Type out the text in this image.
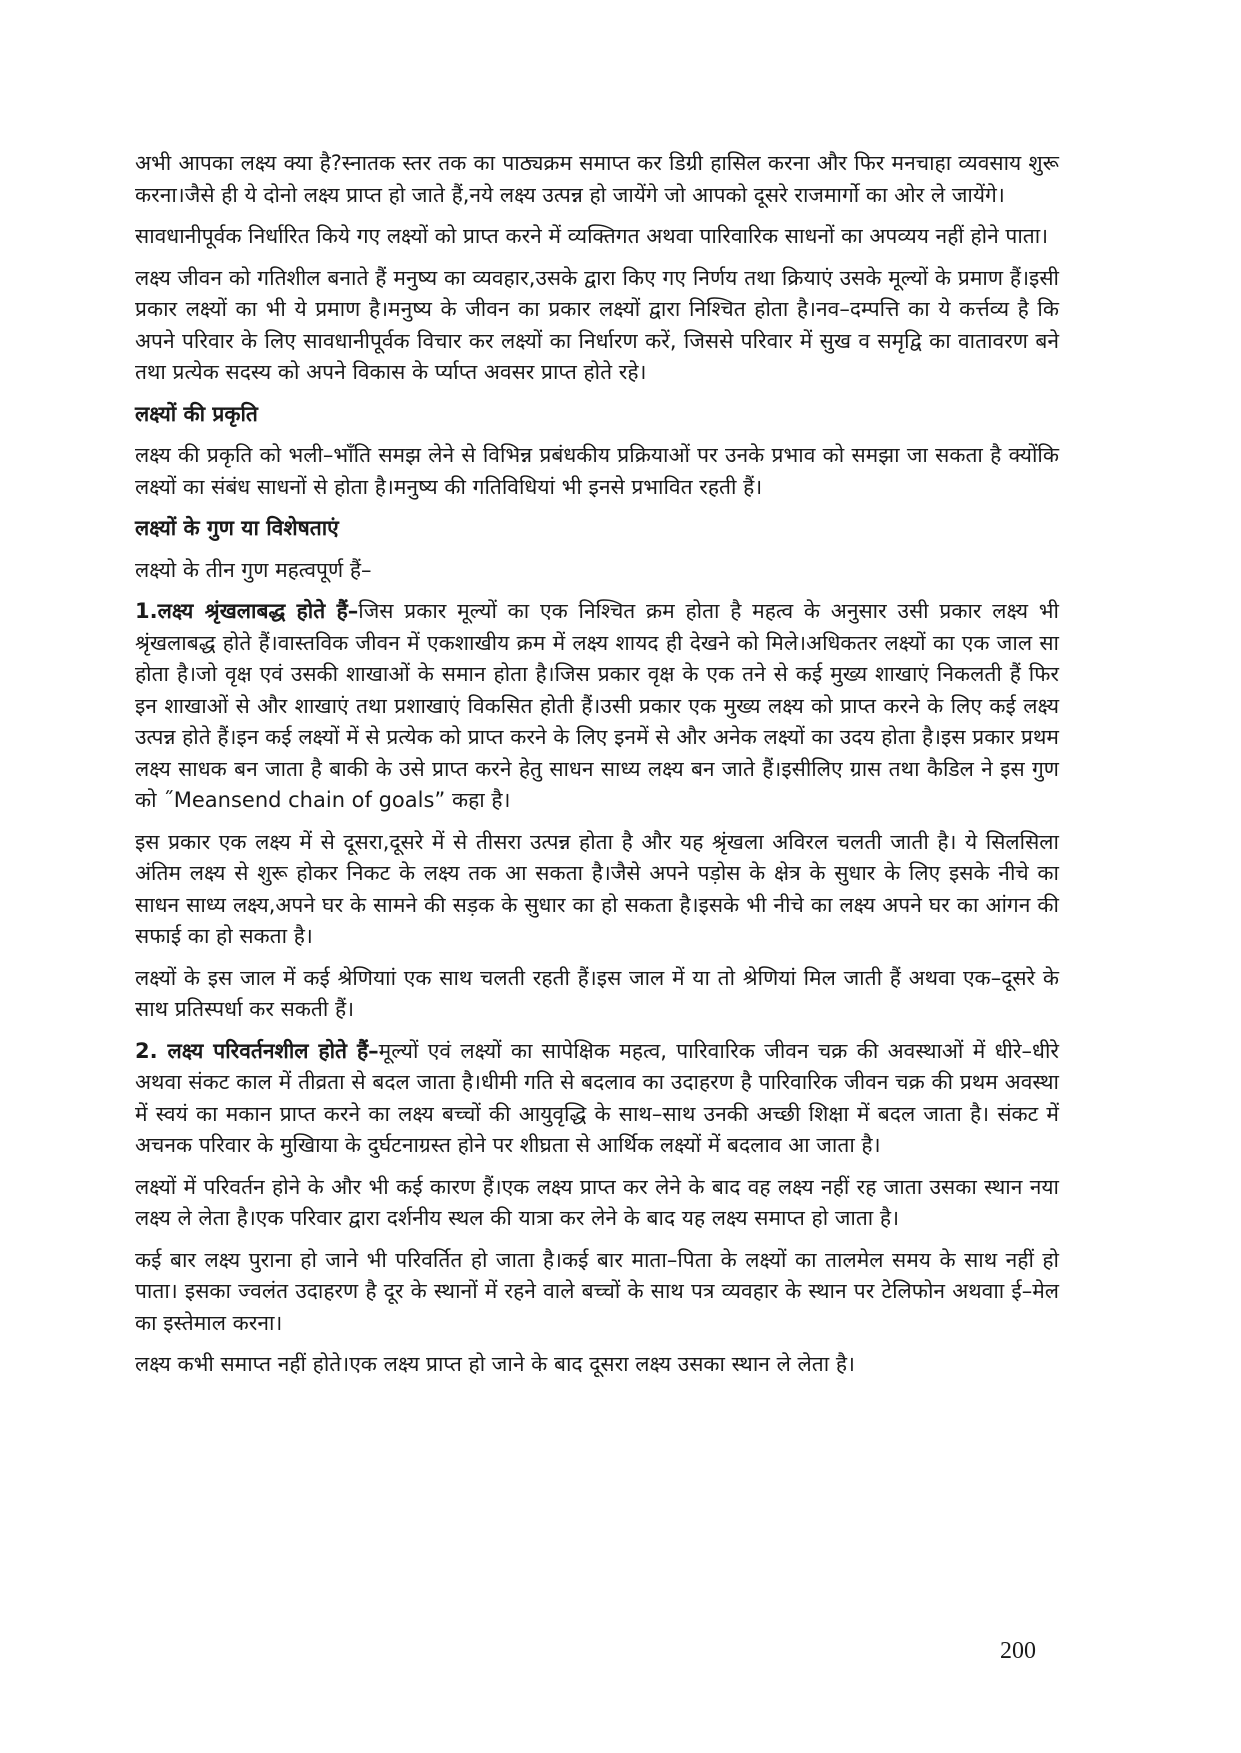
अभी आपका लक्ष्य क्या है?स्नातक स्तर तक का पाठ्यक्रम समाप्त कर डिग्री हासिल करना और फिर मनचाहा व्यवसाय शुरू करना।जैसे ही ये दोनो लक्ष्य प्राप्त हो जाते हैं,नये लक्ष्य उत्पन्न हो जायेंगे जो आपको दूसरे राजमार्गो का ओर ले जायेंगे।

सावधानीपूर्वक निर्धारित किये गए लक्ष्यों को प्राप्त करने में व्यक्तिगत अथवा पारिवारिक साधनों का अपव्यय नहीं होने पाता।

लक्ष्य जीवन को गतिशील बनाते हैं मनुष्य का व्यवहार,उसके द्वारा किए गए निर्णय तथा क्रियाएं उसके मूल्यों के प्रमाण हैं।इसी प्रकार लक्ष्यों का भी ये प्रमाण है।मनुष्य के जीवन का प्रकार लक्ष्यों द्वारा निश्चित होता है।नव–दम्पत्ति का ये कर्त्तव्य है कि अपने परिवार के लिए सावधानीपूर्वक विचार कर लक्ष्यों का निर्धारण करें, जिससे परिवार में सुख व समृद्वि का वातावरण बने तथा प्रत्येक सदस्य को अपने विकास के र्प्याप्त अवसर प्राप्त होते रहे।

लक्ष्यों की प्रकृति

लक्ष्य की प्रकृति को भली–भाँति समझ लेने से विभिन्न प्रबंधकीय प्रक्रियाओं पर उनके प्रभाव को समझा जा सकता है क्योंकि लक्ष्यों का संबंध साधनों से होता है।मनुष्य की गतिविधियां भी इनसे प्रभावित रहती हैं।

लक्ष्यों के गुण या विशेषताएं

लक्ष्यो के तीन गुण महत्वपूर्ण हैं–

1.लक्ष्य श्रृंखलाबद्ध होते हैं–जिस प्रकार मूल्यों का एक निश्चित क्रम होता है महत्व के अनुसार उसी प्रकार लक्ष्य भी श्रृंखलाबद्ध होते हैं।वास्तविक जीवन में एकशाखीय क्रम में लक्ष्य शायद ही देखने को मिले।अधिकतर लक्ष्यों का एक जाल सा होता है।जो वृक्ष एवं उसकी शाखाओं के समान होता है।जिस प्रकार वृक्ष के एक तने से कई मुख्य शाखाएं निकलती हैं फिर इन शाखाओं से और शाखाएं तथा प्रशाखाएं विकसित होती हैं।उसी प्रकार एक मुख्य लक्ष्य को प्राप्त करने के लिए कई लक्ष्य उत्पन्न होते हैं।इन कई लक्ष्यों में से प्रत्येक को प्राप्त करने के लिए इनमें से और अनेक लक्ष्यों का उदय होता है।इस प्रकार प्रथम लक्ष्य साधक बन जाता है बाकी के उसे प्राप्त करने हेतु साधन साध्य लक्ष्य बन जाते हैं।इसीलिए ग्रास तथा कैडिल ने इस गुण को ˝Meansend chain of goals” कहा है।

इस प्रकार एक लक्ष्य में से दूसरा,दूसरे में से तीसरा उत्पन्न होता है और यह श्रृंखला अविरल चलती जाती है। ये सिलसिला अंतिम लक्ष्य से शुरू होकर निकट के लक्ष्य तक आ सकता है।जैसे अपने पड़ोस के क्षेत्र के सुधार के लिए इसके नीचे का साधन साध्य लक्ष्य,अपने घर के सामने की सड़क के सुधार का हो सकता है।इसके भी नीचे का लक्ष्य अपने घर का आंगन की सफाई का हो सकता है।

लक्ष्यों के इस जाल में कई श्रेणियाां एक साथ चलती रहती हैं।इस जाल में या तो श्रेणियां मिल जाती हैं अथवा एक–दूसरे के साथ प्रतिस्पर्धा कर सकती हैं।

2. लक्ष्य परिवर्तनशील होते हैं–मूल्यों एवं लक्ष्यों का सापेक्षिक महत्व, पारिवारिक जीवन चक्र की अवस्थाओं में धीरे–धीरे अथवा संकट काल में तीव्रता से बदल जाता है।धीमी गति से बदलाव का उदाहरण है पारिवारिक जीवन चक्र की प्रथम अवस्था में स्वयं का मकान प्राप्त करने का लक्ष्य बच्चों की आयुवृद्धि के साथ–साथ उनकी अच्छी शिक्षा में बदल जाता है। संकट में अचनक परिवार के मुखिाया के दुर्घटनाग्रस्त होने पर शीघ्रता से आर्थिक लक्ष्यों में बदलाव आ जाता है।

लक्ष्यों में परिवर्तन होने के और भी कई कारण हैं।एक लक्ष्य प्राप्त कर लेने के बाद वह लक्ष्य नहीं रह जाता उसका स्थान नया लक्ष्य ले लेता है।एक परिवार द्वारा दर्शनीय स्थल की यात्रा कर लेने के बाद यह लक्ष्य समाप्त हो जाता है।

कई बार लक्ष्य पुराना हो जाने भी परिवर्तित हो जाता है।कई बार माता–पिता के लक्ष्यों का तालमेल समय के साथ नहीं हो पाता। इसका ज्वलंत उदाहरण है दूर के स्थानों में रहने वाले बच्चों के साथ पत्र व्यवहार के स्थान पर टेलिफोन अथवाा ई–मेल का इस्तेमाल करना।

लक्ष्य कभी समाप्त नहीं होते।एक लक्ष्य प्राप्त हो जाने के बाद दूसरा लक्ष्य उसका स्थान ले लेता है।

200
